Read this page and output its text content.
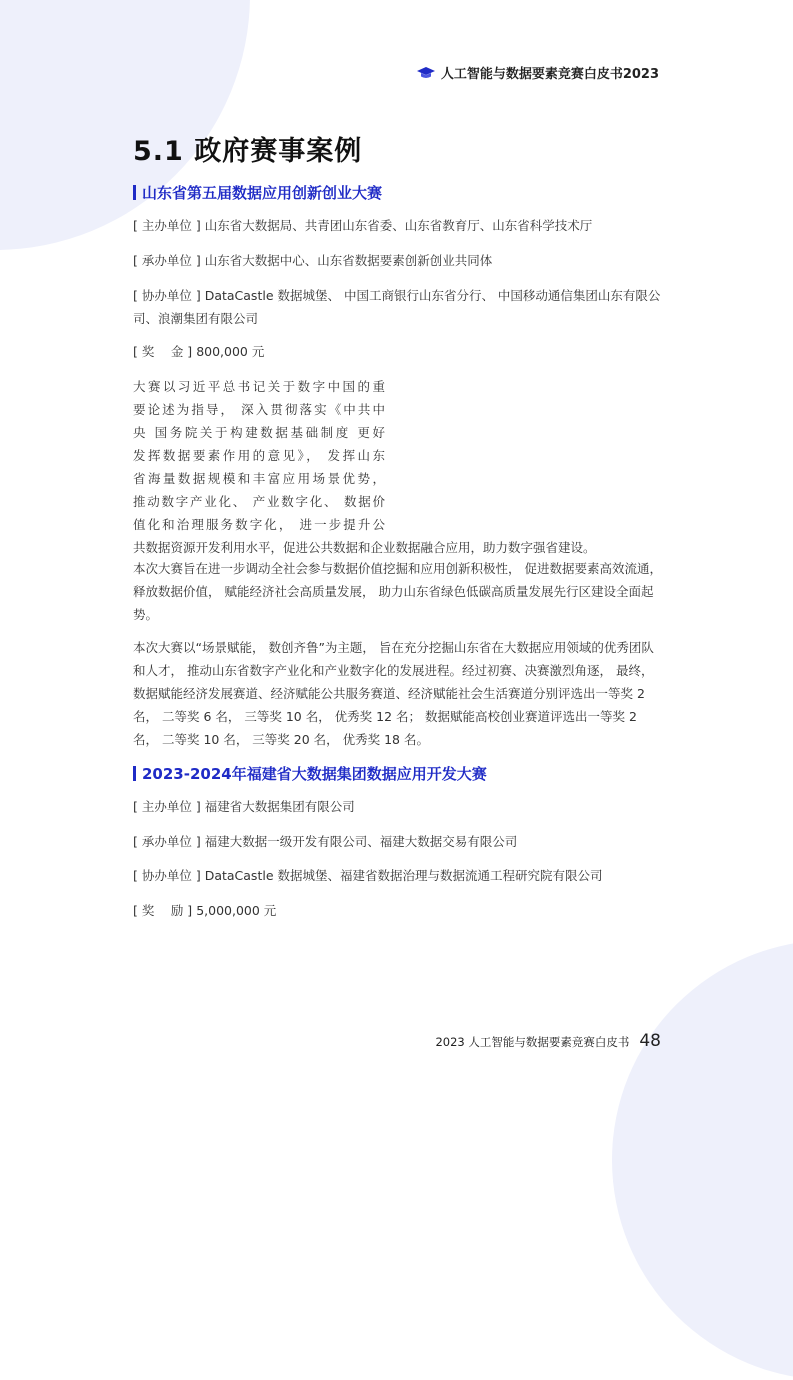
人工智能与数据要素竞赛白皮书2023
5.1 政府赛事案例
山东省第五届数据应用创新创业大赛

[ 主办单位 ] 山东省大数据局、共青团山东省委、山东省教育厅、山东省科学技术厅

[ 承办单位 ] 山东省大数据中心、山东省数据要素创新创业共同体

[ 协办单位 ] DataCastle 数据城堡、 中国工商银行山东省分行、 中国移动通信集团山东有限公司、浪潮集团有限公司

[ 奖　 金 ] 800,000 元

大赛以习近平总书记关于数字中国的重

要论述为指导， 深入贯彻落实《中共中

央 国务院关于构建数据基础制度 更好

发挥数据要素作用的意见》， 发挥山东

省海量数据规模和丰富应用场景优势，

推动数字产业化、 产业数字化、 数据价

值化和治理服务数字化， 进一步提升公

共数据资源开发利用水平，促进公共数据和企业数据融合应用，助力数字强省建设。

本次大赛旨在进一步调动全社会参与数据价值挖掘和应用创新积极性， 促进数据要素高效流通， 释放数据价值， 赋能经济社会高质量发展， 助力山东省绿色低碳高质量发展先行区建设全面起势。

本次大赛以“场景赋能， 数创齐鲁”为主题， 旨在充分挖掘山东省在大数据应用领域的优秀团队和人才， 推动山东省数字产业化和产业数字化的发展进程。经过初赛、决赛激烈角逐， 最终， 数据赋能经济发展赛道、经济赋能公共服务赛道、经济赋能社会生活赛道分别评选出一等奖 2 名， 二等奖 6 名， 三等奖 10 名， 优秀奖 12 名； 数据赋能高校创业赛道评选出一等奖 2 名， 二等奖 10 名， 三等奖 20 名， 优秀奖 18 名。

2023-2024年福建省大数据集团数据应用开发大赛

[ 主办单位 ] 福建省大数据集团有限公司

[ 承办单位 ] 福建大数据一级开发有限公司、福建大数据交易有限公司

[ 协办单位 ] DataCastle 数据城堡、福建省数据治理与数据流通工程研究院有限公司

[ 奖　 励 ] 5,000,000 元

2023 人工智能与数据要素竞赛白皮书 48
